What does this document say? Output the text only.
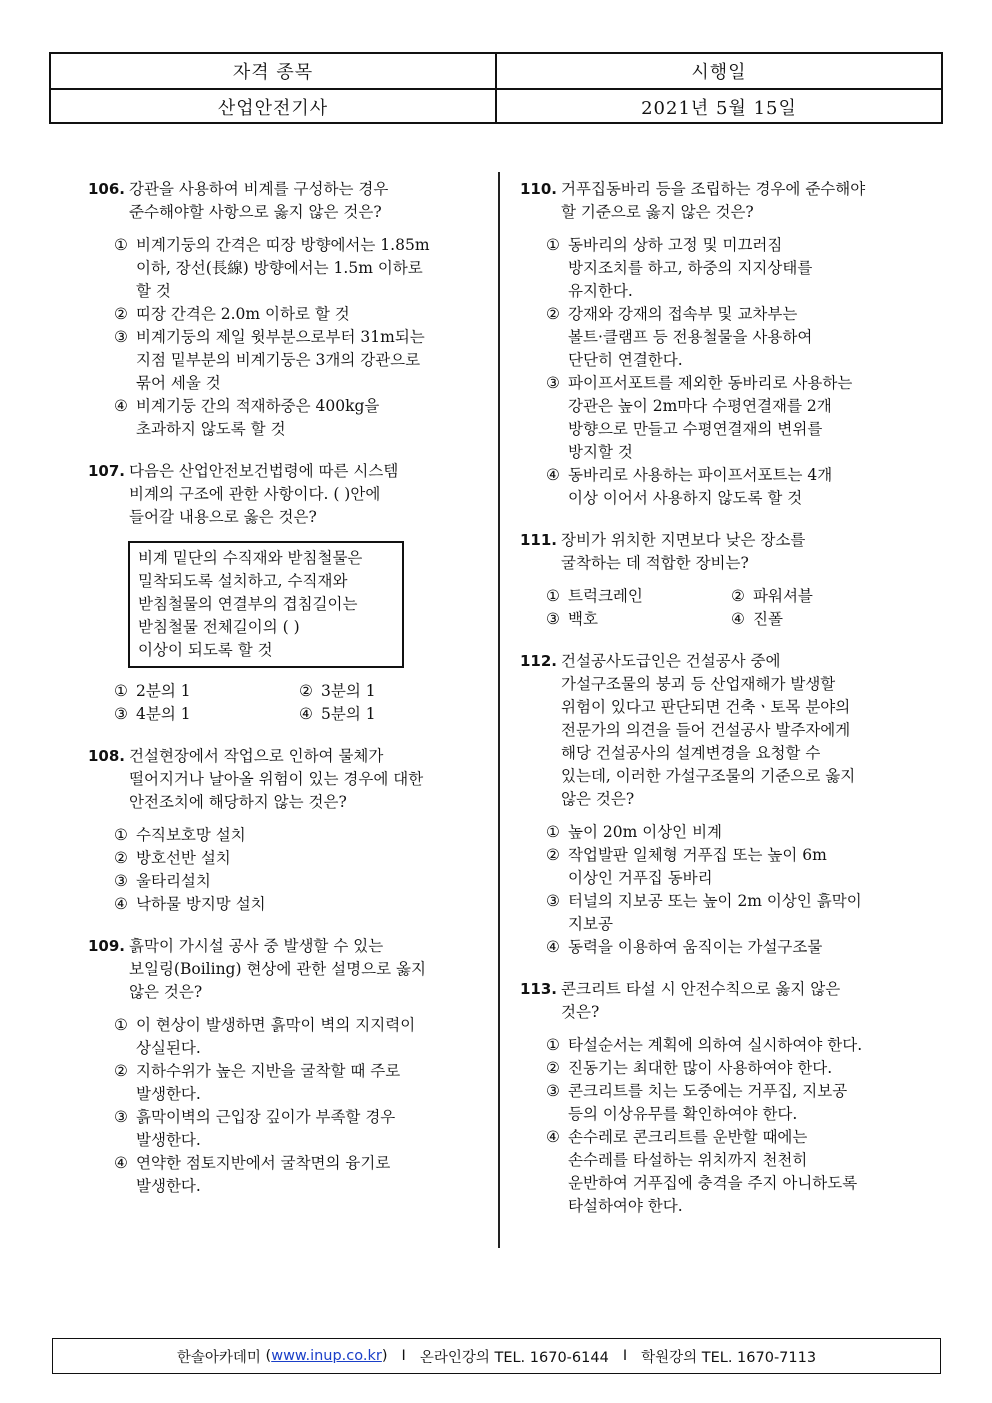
자격 종목	시행일
산업안전기사	2021년 5월 15일
106. 강관을 사용하여 비계를 구성하는 경우
준수해야할 사항으로 옳지 않은 것은?
① 비계기둥의 간격은 띠장 방향에서는 1.85m
이하, 장선(長線) 방향에서는 1.5m 이하로
할 것
② 띠장 간격은 2.0m 이하로 할 것
③ 비계기둥의 제일 윗부분으로부터 31m되는
지점 밑부분의 비계기둥은 3개의 강관으로
묶어 세울 것
④ 비계기둥 간의 적재하중은 400kg을
초과하지 않도록 할 것
107. 다음은 산업안전보건법령에 따른 시스템
비계의 구조에 관한 사항이다. ( )안에
들어갈 내용으로 옳은 것은?
비계 밑단의 수직재와 받침철물은
밀착되도록 설치하고, 수직재와
받침철물의 연결부의 겹침길이는
받침철물 전체길이의 ( )
이상이 되도록 할 것
① 2분의 1	② 3분의 1
③ 4분의 1	④ 5분의 1
108. 건설현장에서 작업으로 인하여 물체가
떨어지거나 날아올 위험이 있는 경우에 대한
안전조치에 해당하지 않는 것은?
① 수직보호망 설치
② 방호선반 설치
③ 울타리설치
④ 낙하물 방지망 설치
109. 흙막이 가시설 공사 중 발생할 수 있는
보일링(Boiling) 현상에 관한 설명으로 옳지
않은 것은?
① 이 현상이 발생하면 흙막이 벽의 지지력이
상실된다.
② 지하수위가 높은 지반을 굴착할 때 주로
발생한다.
③ 흙막이벽의 근입장 깊이가 부족할 경우
발생한다.
④ 연약한 점토지반에서 굴착면의 융기로
발생한다.
110. 거푸집동바리 등을 조립하는 경우에 준수해야
할 기준으로 옳지 않은 것은?
① 동바리의 상하 고정 및 미끄러짐
방지조치를 하고, 하중의 지지상태를
유지한다.
② 강재와 강재의 접속부 및 교차부는
볼트·클램프 등 전용철물을 사용하여
단단히 연결한다.
③ 파이프서포트를 제외한 동바리로 사용하는
강관은 높이 2m마다 수평연결재를 2개
방향으로 만들고 수평연결재의 변위를
방지할 것
④ 동바리로 사용하는 파이프서포트는 4개
이상 이어서 사용하지 않도록 할 것
111. 장비가 위치한 지면보다 낮은 장소를
굴착하는 데 적합한 장비는?
① 트럭크레인	② 파워셔블
③ 백호	④ 진폴
112. 건설공사도급인은 건설공사 중에
가설구조물의 붕괴 등 산업재해가 발생할
위험이 있다고 판단되면 건축ㆍ토목 분야의
전문가의 의견을 들어 건설공사 발주자에게
해당 건설공사의 설계변경을 요청할 수
있는데, 이러한 가설구조물의 기준으로 옳지
않은 것은?
① 높이 20m 이상인 비계
② 작업발판 일체형 거푸집 또는 높이 6m
이상인 거푸집 동바리
③ 터널의 지보공 또는 높이 2m 이상인 흙막이
지보공
④ 동력을 이용하여 움직이는 가설구조물
113. 콘크리트 타설 시 안전수칙으로 옳지 않은
것은?
① 타설순서는 계획에 의하여 실시하여야 한다.
② 진동기는 최대한 많이 사용하여야 한다.
③ 콘크리트를 치는 도중에는 거푸집, 지보공
등의 이상유무를 확인하여야 한다.
④ 손수레로 콘크리트를 운반할 때에는
손수레를 타설하는 위치까지 천천히
운반하여 거푸집에 충격을 주지 아니하도록
타설하여야 한다.
한솔아카데미 ( www.inup.co.kr ) I 온라인강의 TEL. 1670-6144 I 학원강의 TEL. 1670-7113
